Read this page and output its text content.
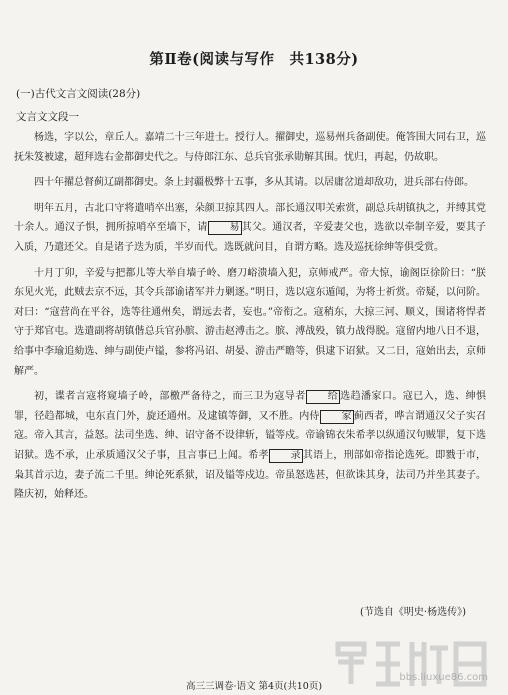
第Ⅱ卷(阅读与写作　共138分)
(一)古代文言文阅读(28分)
文言文文段一

杨选，字以公，章丘人。嘉靖二十三年进士。授行人。擢御史，巡易州兵备副使。俺答围大同右卫，巡抚朱笈被逮，超拜选右金都御史代之。与侍郎江东、总兵官张承勋解其围。忧归，再起，仍故职。

四十年擢总督蓟辽副都御史。条上封疆极弊十五事，多从其请。以居庸岔道却敌功，进兵部右侍郎。

明年五月，古北口守将遣哨卒出塞，朵颜卫掠其四人。部长通汉叩关索赏，副总兵胡镇执之，并缚其党十余人。通汉子惧，拥所掠哨卒至墙下，请 易 其父。通汉者，辛爱妻父也，选欲以牵制辛爱，要其子入质，乃遣还父。自是诸子迭为质，半岁而代。选既就问目，自谓方略。选及巡抚徐绅等俱受赏。

十月丁卯，辛爱与把都儿等大举自墙子岭、磨刀峪溃墙入犯，京师戒严。帝大惊，谕阁臣徐阶曰：“朕东见火光，此贼去京不远，其令兵部谕诸军并力剿逐。”明日，选以寇东遁闻，为将士祈赏。帝疑，以问阶。对曰：“寇营尚在平谷，选等往通州矣，谓远去者，妄也。”帝衔之。寇稍东，大掠三河、顺义，围诸将悍者守于郑官屯。选遣副将胡镇偕总兵官孙膑、游击赵溥击之。膑、溥战殁，镇力战得脱。寇留内地八日不退，给事中李瑜追劾选、绅与副使卢镒，参将冯诏、胡晏、游击严瞻等，俱逮下诏狱。又二日，寇始出去，京师解严。

初，谍者言寇将窥墙子岭，部檄严备待之，而三卫为寇导者 给 选趋潘家口。寇已入，选、绅惧罪，径趋都城，屯东直门外，旋还通州。及逮镇等御，又不胜。内侍 家 蓟西者，哗言谓通汉父子实召寇。帝入其言，益怒。法司坐选、绅、诏守备不设律斩，镒等戍。帝谕锦衣朱希孝以纵通汉句贼罪，复下选诏狱。选不承，止承质通汉父子事，且言事已上闻。希孝 录 其语上，刑部如帝指论选死。即戮于市，枭其首示边，妻子流二千里。绅论死系狱，诏及镒等戍边。帝虽怒选甚，但欲诛其身，法司乃并坐其妻子。隆庆初，始释还。

(节选自《明史·杨选传》)
bbs.liuxue86.com
高三三调卷·语文 第4页(共10页)
